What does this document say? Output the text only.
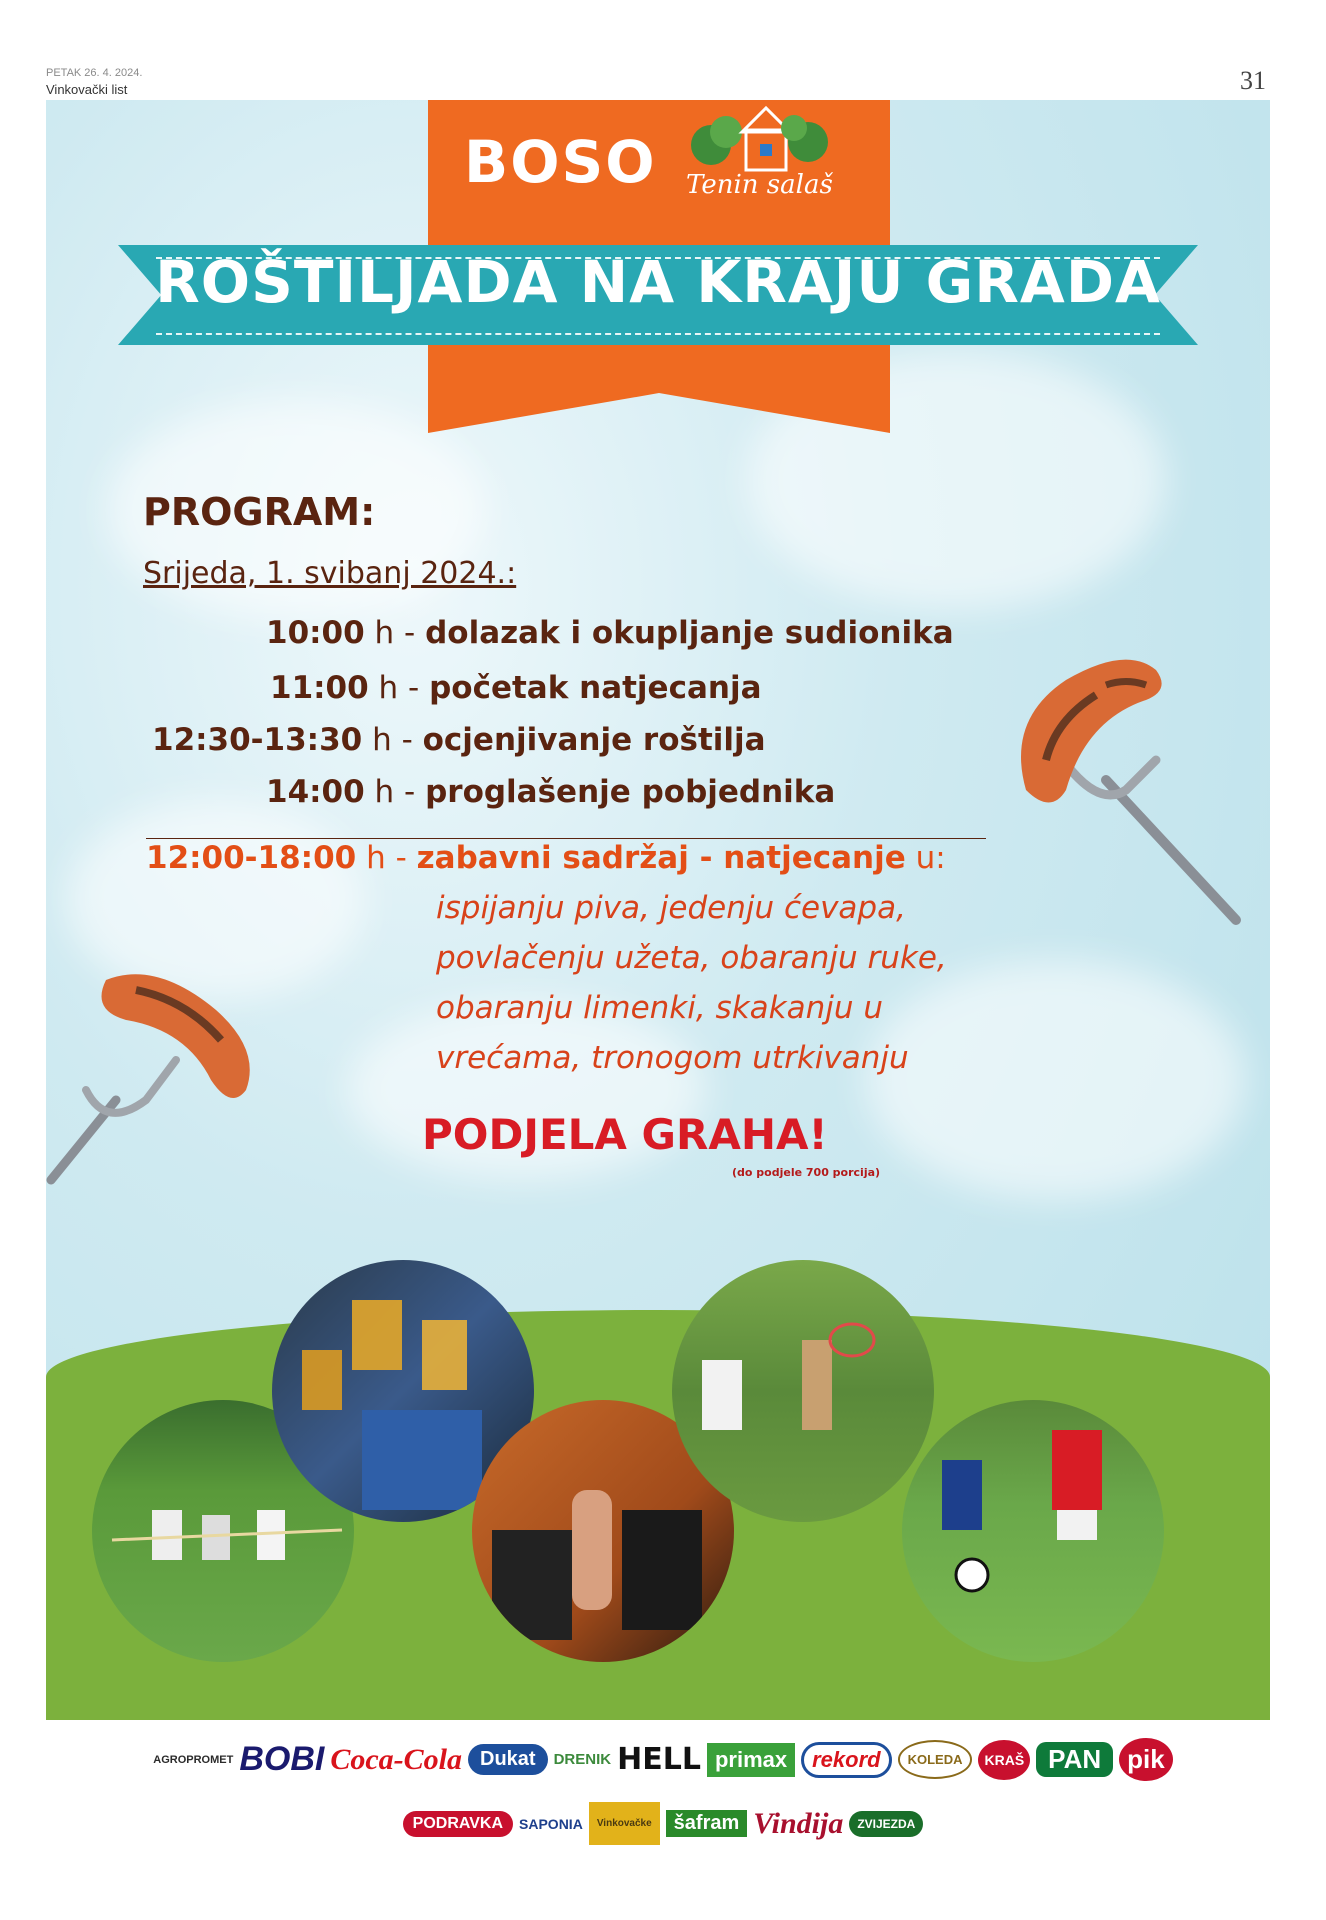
PETAK 26. 4. 2024.
Vinkovački list	31
BOSO Tenin salaš
ROŠTILJADA NA KRAJU GRADA
PROGRAM:
Srijeda, 1. svibanj 2024.:
10:00 h - dolazak i okupljanje sudionika
11:00 h - početak natjecanja
12:30-13:30 h - ocjenjivanje roštilja
14:00 h - proglašenje pobjednika
12:00-18:00 h - zabavni sadržaj - natjecanje u:
ispijanju piva, jedenju ćevapa,
povlačenju užeta, obaranju ruke,
obaranju limenki, skakanju u
vrećama, tronogom utrkivanju
PODJELA GRAHA!
(do podjele 700 porcija)
AGROPROMET BOBI Coca-Cola Dukat	DRENIK HELL primax	rekord	KOLEDA	KRAŠ PAN	pik
PODRAVKA	SAPONIA	Vinkovačke	šafram Vindija	ZVIJEZDA
